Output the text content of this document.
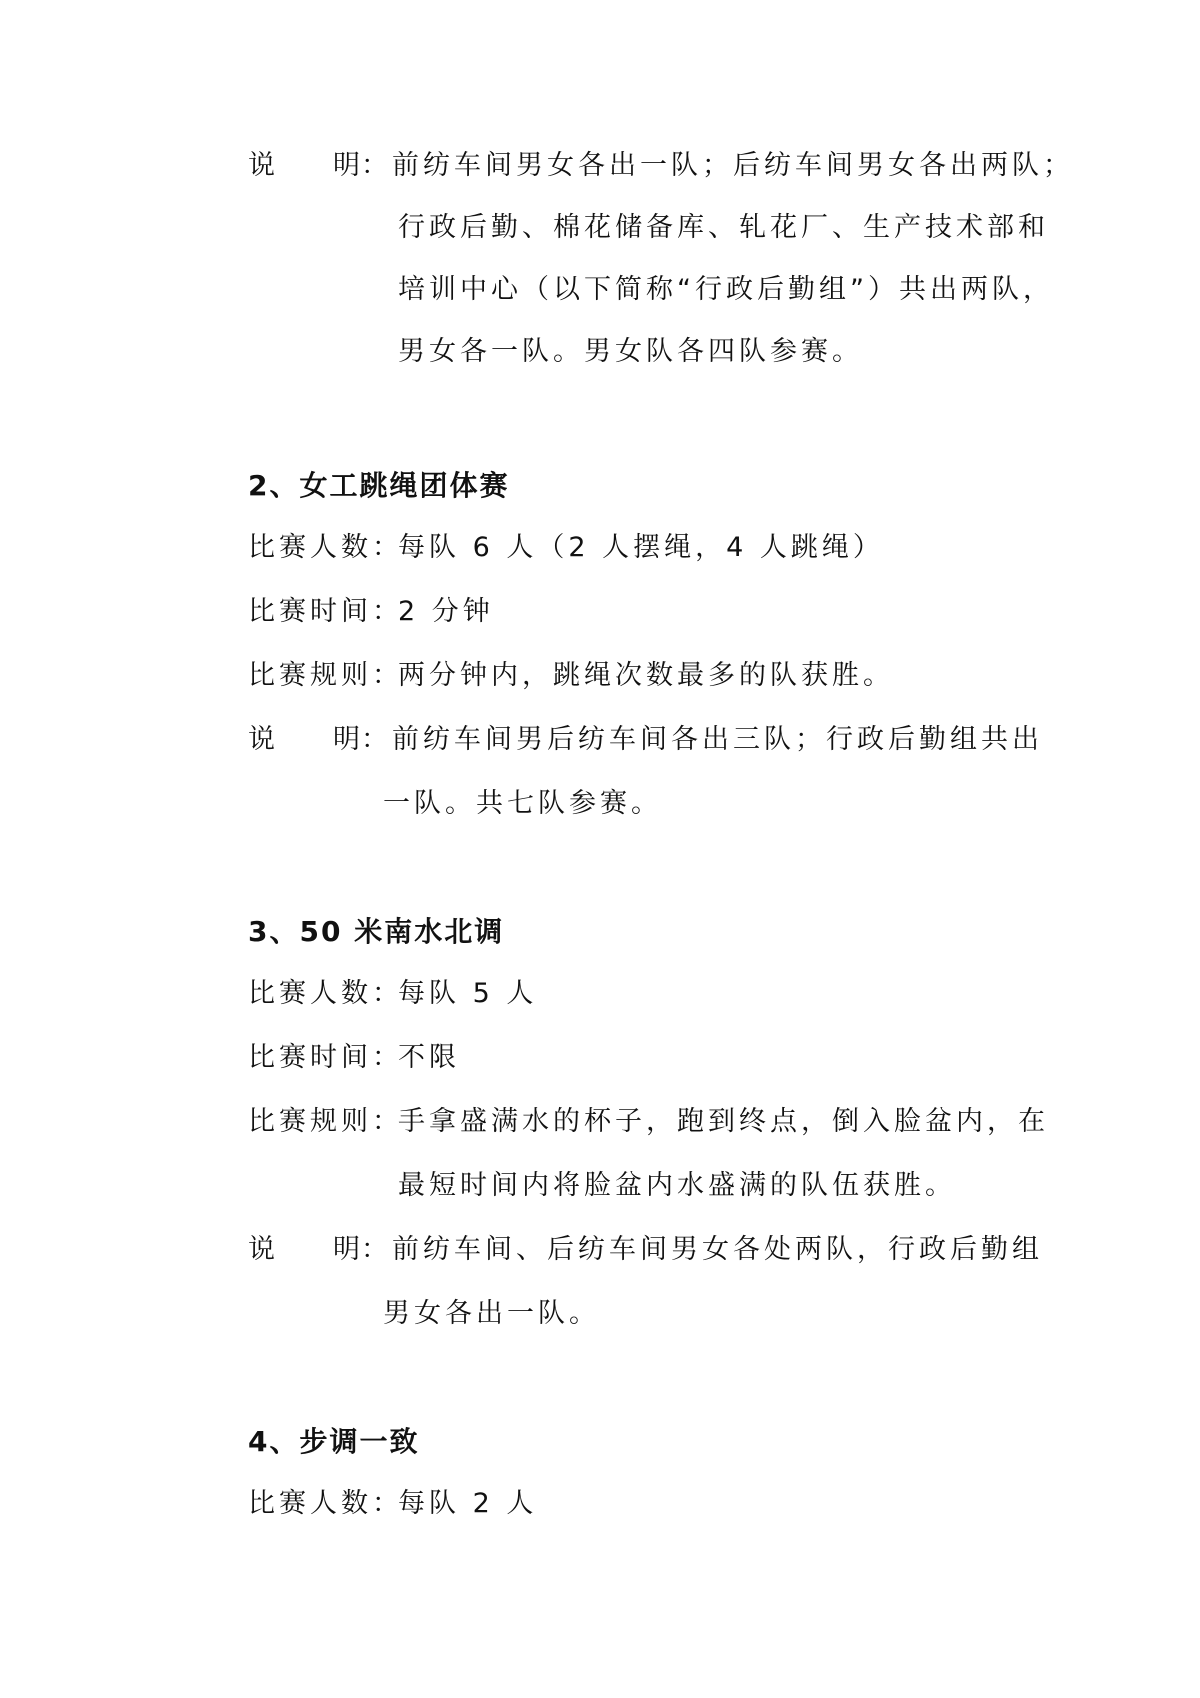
说 明
：前纺车间男女各出一队；后纺车间男女各出两队；
行政后勤、棉花储备库、轧花厂、生产技术部和
培训中心（以下简称“行政后勤组”）共出两队，
男女各一队。男女队各四队参赛。
2、女工跳绳团体赛
比赛人数：
每队 6 人（2 人摆绳，4 人跳绳）
比赛时间：
2 分钟
比赛规则：
两分钟内，跳绳次数最多的队获胜。
说 明
：前纺车间男后纺车间各出三队；行政后勤组共出
一队。共七队参赛。
3、50 米南水北调
比赛人数：
每队 5 人
比赛时间：
不限
比赛规则：
手拿盛满水的杯子，跑到终点，倒入脸盆内，在
最短时间内将脸盆内水盛满的队伍获胜。
说 明
：前纺车间、后纺车间男女各处两队，行政后勤组
男女各出一队。
4、步调一致
比赛人数：
每队 2 人
